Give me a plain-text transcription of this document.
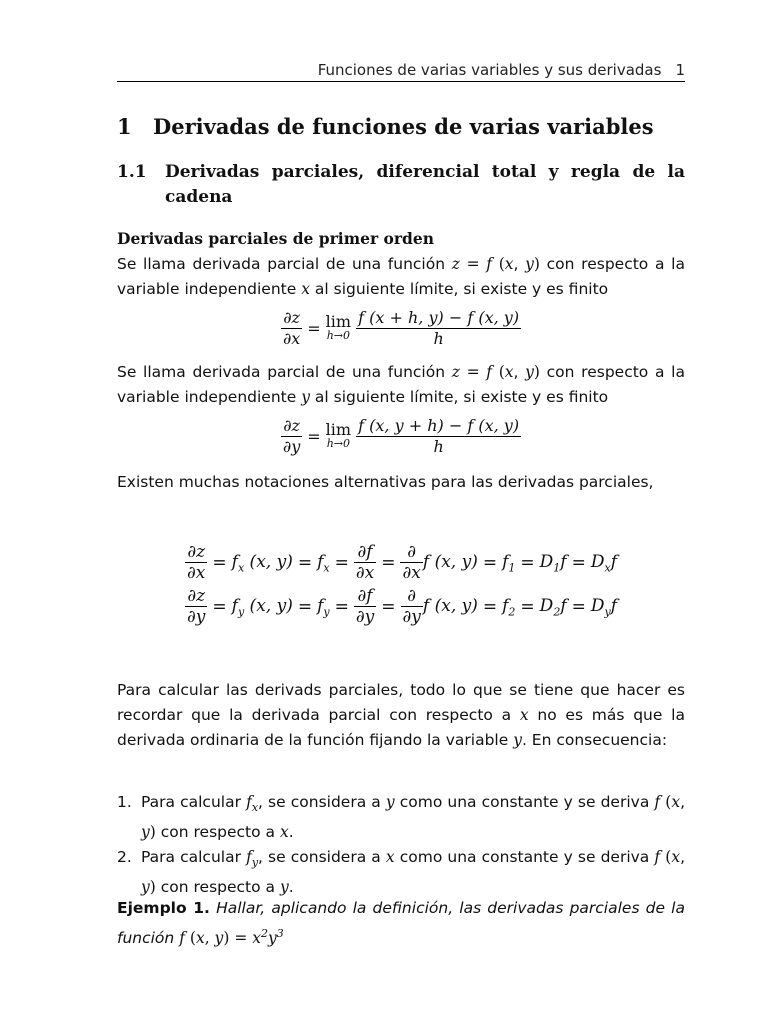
Funciones de varias variables y sus derivadas 1
1 Derivadas de funciones de varias variables
1.1 Derivadas parciales, diferencial total y regla de la cadena
Derivadas parciales de primer orden
Se llama derivada parcial de una función z = f (x, y) con respecto a la variable independiente x al siguiente límite, si existe y es finito
$\frac{\partial z}{\partial x} = \lim$
h→0
$\frac{f (x + h, y) - f (x, y)}{h}$
Se llama derivada parcial de una función z = f (x, y) con respecto a la variable independiente y al siguiente límite, si existe y es finito
$\frac{\partial z}{\partial y} = \lim$
h→0
$\frac{f (x, y + h) - f (x, y)}{h}$
Existen muchas notaciones alternativas para las derivadas parciales,
$\frac{\partial z}{\partial x} = f_x$ (x, $y) = f_x = \frac{\partial f}{\partial x} = \frac{\partial}{\partial x}$ f (x, $y) = f_1 = D_1f = D_xf$
$\frac{\partial z}{\partial y} = f_y$ (x, $y) = f_y = \frac{\partial f}{\partial y} = \frac{\partial}{\partial y}$ f (x, $y) = f_2 = D_2f = D_yf$
Para calcular las derivads parciales, todo lo que se tiene que hacer es recordar que la derivada parcial con respecto a x no es más que la derivada ordinaria de la función fijando la variable y. En consecuencia:
1. Para calcular $f_x$, se considera a y como una constante y se deriva f (x, y) con respecto a x.
2. Para calcular $f_y$, se considera a x como una constante y se deriva f (x, y) con respecto a y.
Ejemplo 1. Hallar, aplicando la definición, las derivadas parciales de la función f (x, $y) = x^2y^3$
